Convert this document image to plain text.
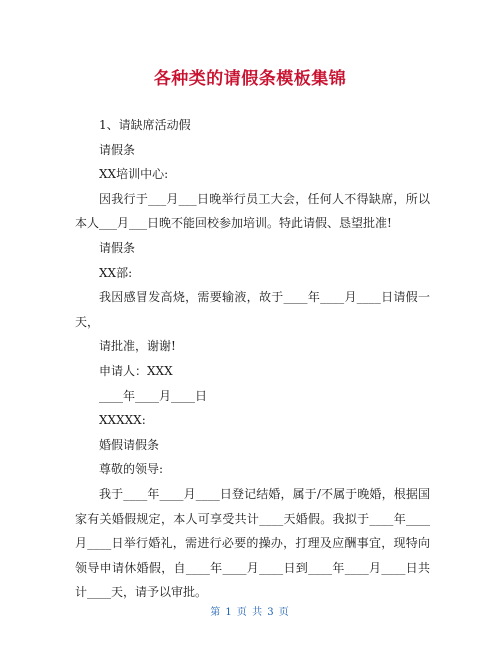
各种类的请假条模板集锦
1、请缺席活动假
请假条
XX培训中心:
因我行于___月___日晚举行员工大会，任何人不得缺席，所以本人___月___日晚不能回校参加培训。特此请假、恳望批准!
请假条
XX部:
我因感冒发高烧，需要输液，故于____年____月____日请假一天，
请批准，谢谢!
申请人：XXX
____年____月____日
XXXXX:
婚假请假条
尊敬的领导:
我于____年____月____日登记结婚，属于/不属于晚婚，根据国家有关婚假规定，本人可享受共计____天婚假。我拟于____年____月____日举行婚礼，需进行必要的操办，打理及应酬事宜，现特向领导申请休婚假，自____年____月____日到____年____月____日共计____天，请予以审批。
第 1 页 共 3 页
